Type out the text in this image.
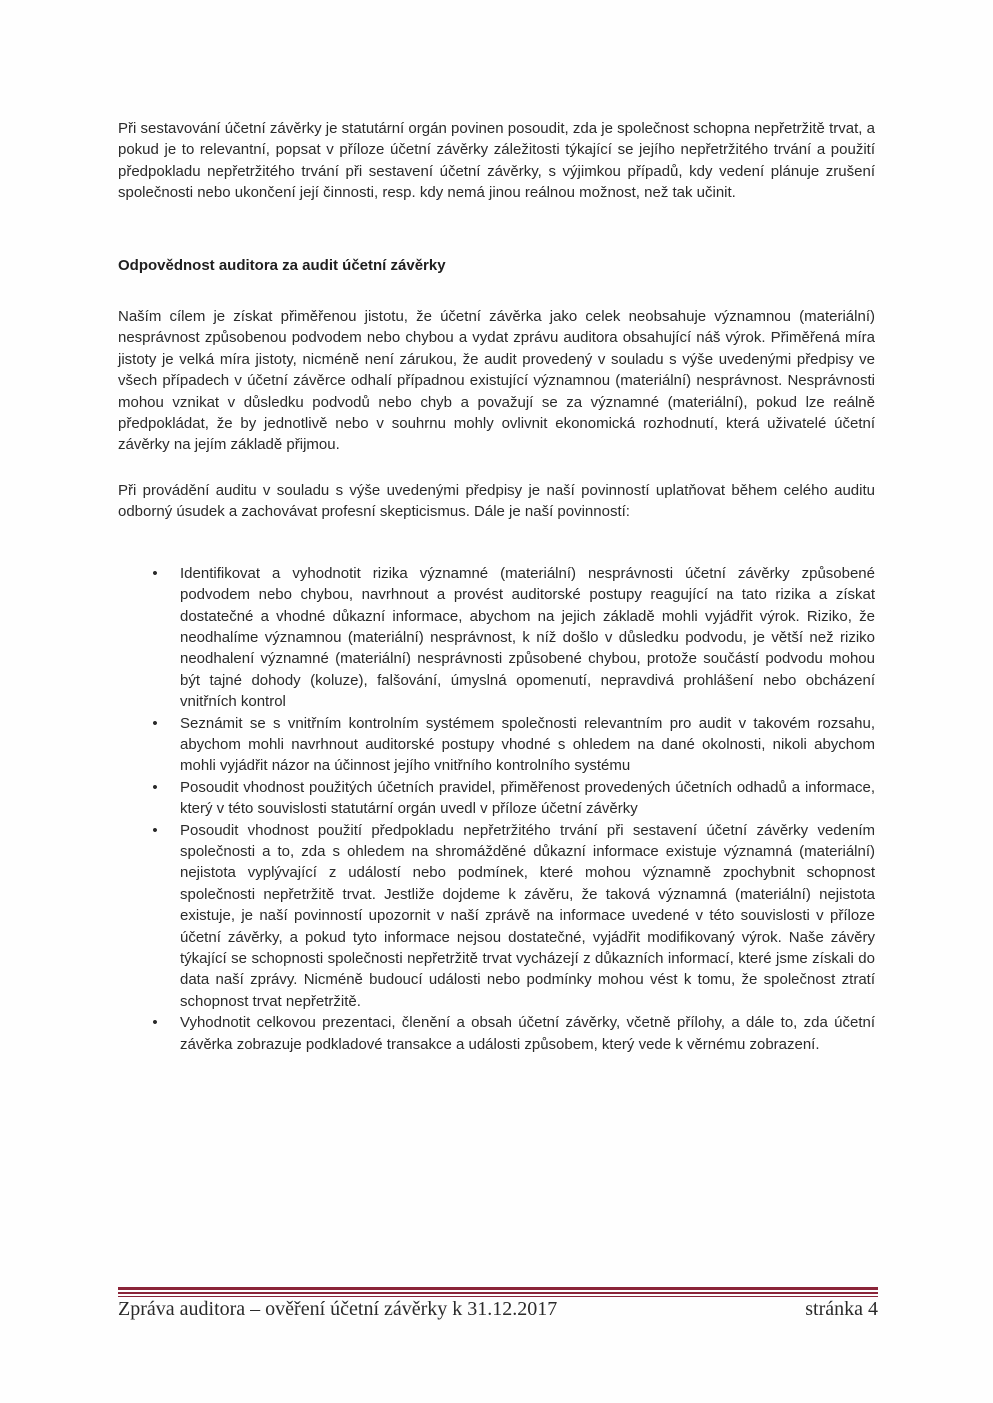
Při sestavování účetní závěrky je statutární orgán povinen posoudit, zda je společnost schopna nepřetržitě trvat, a pokud je to relevantní, popsat v příloze účetní závěrky záležitosti týkající se jejího nepřetržitého trvání a použití předpokladu nepřetržitého trvání při sestavení účetní závěrky, s výjimkou případů, kdy vedení plánuje zrušení společnosti nebo ukončení její činnosti, resp. kdy nemá jinou reálnou možnost, než tak učinit.

Odpovědnost auditora za audit účetní závěrky

Naším cílem je získat přiměřenou jistotu, že účetní závěrka jako celek neobsahuje významnou (materiální) nesprávnost způsobenou podvodem nebo chybou a vydat zprávu auditora obsahující náš výrok. Přiměřená míra jistoty je velká míra jistoty, nicméně není zárukou, že audit provedený v souladu s výše uvedenými předpisy ve všech případech v účetní závěrce odhalí případnou existující významnou (materiální) nesprávnost. Nesprávnosti mohou vznikat v důsledku podvodů nebo chyb a považují se za významné (materiální), pokud lze reálně předpokládat, že by jednotlivě nebo v souhrnu mohly ovlivnit ekonomická rozhodnutí, která uživatelé účetní závěrky na jejím základě přijmou.

Při provádění auditu v souladu s výše uvedenými předpisy je naší povinností uplatňovat během celého auditu odborný úsudek a zachovávat profesní skepticismus. Dále je naší povinností:

• Identifikovat a vyhodnotit rizika významné (materiální) nesprávnosti účetní závěrky způsobené podvodem nebo chybou, navrhnout a provést auditorské postupy reagující na tato rizika a získat dostatečné a vhodné důkazní informace, abychom na jejich základě mohli vyjádřit výrok. Riziko, že neodhalíme významnou (materiální) nesprávnost, k níž došlo v důsledku podvodu, je větší než riziko neodhalení významné (materiální) nesprávnosti způsobené chybou, protože součástí podvodu mohou být tajné dohody (koluze), falšování, úmyslná opomenutí, nepravdivá prohlášení nebo obcházení vnitřních kontrol
• Seznámit se s vnitřním kontrolním systémem společnosti relevantním pro audit v takovém rozsahu, abychom mohli navrhnout auditorské postupy vhodné s ohledem na dané okolnosti, nikoli abychom mohli vyjádřit názor na účinnost jejího vnitřního kontrolního systému
• Posoudit vhodnost použitých účetních pravidel, přiměřenost provedených účetních odhadů a informace, který v této souvislosti statutární orgán uvedl v příloze účetní závěrky
• Posoudit vhodnost použití předpokladu nepřetržitého trvání při sestavení účetní závěrky vedením společnosti a to, zda s ohledem na shromážděné důkazní informace existuje významná (materiální) nejistota vyplývající z událostí nebo podmínek, které mohou významně zpochybnit schopnost společnosti nepřetržitě trvat. Jestliže dojdeme k závěru, že taková významná (materiální) nejistota existuje, je naší povinností upozornit v naší zprávě na informace uvedené v této souvislosti v příloze účetní závěrky, a pokud tyto informace nejsou dostatečné, vyjádřit modifikovaný výrok. Naše závěry týkající se schopnosti společnosti nepřetržitě trvat vycházejí z důkazních informací, které jsme získali do data naší zprávy. Nicméně budoucí události nebo podmínky mohou vést k tomu, že společnost ztratí schopnost trvat nepřetržitě.
• Vyhodnotit celkovou prezentaci, členění a obsah účetní závěrky, včetně přílohy, a dále to, zda účetní závěrka zobrazuje podkladové transakce a události způsobem, který vede k věrnému zobrazení.
Zpráva auditora – ověření účetní závěrky k 31.12.2017	stránka 4
